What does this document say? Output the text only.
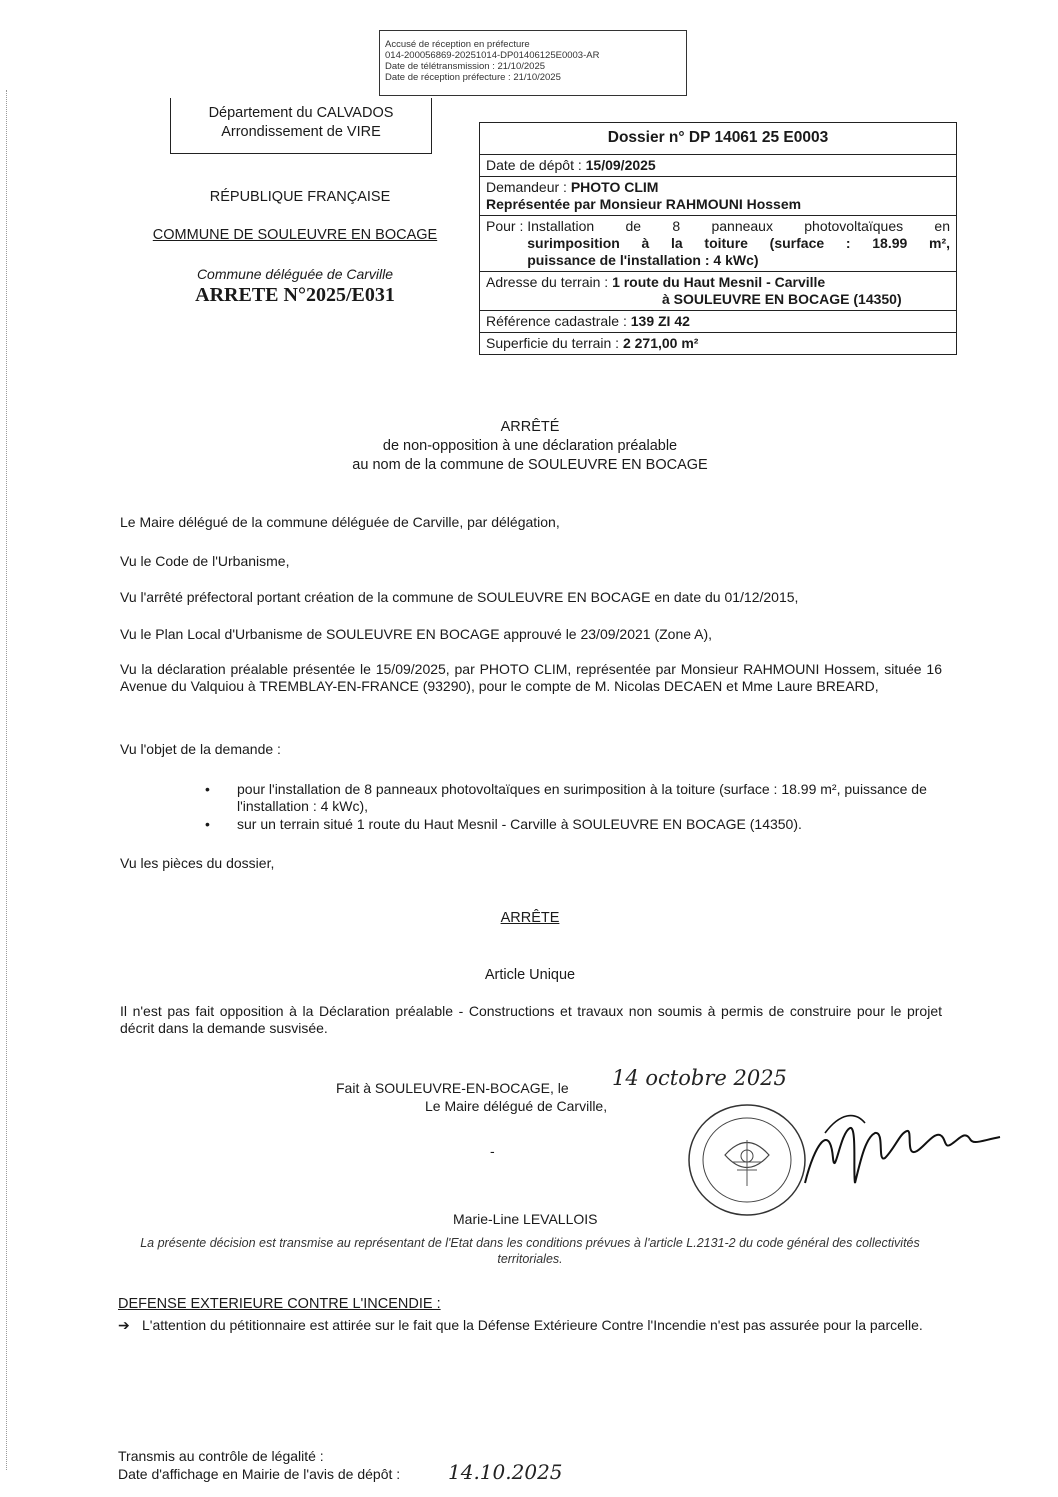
Accusé de réception en préfecture
014-200056869-20251014-DP01406125E0003-AR
Date de télétransmission : 21/10/2025
Date de réception préfecture : 21/10/2025
Département du CALVADOS
Arrondissement de VIRE
RÉPUBLIQUE FRANÇAISE
COMMUNE DE SOULEUVRE EN BOCAGE
Commune déléguée de Carville
ARRETE N°2025/E031
Dossier n° DP 14061 25 E0003
Date de dépôt : 15/09/2025
Demandeur : PHOTO CLIM
Représentée par Monsieur RAHMOUNI Hossem
Pour : Installation de 8 panneaux photovoltaïques en
surimposition à la toiture (surface : 18.99 m²,
puissance de l'installation : 4 kWc)
Adresse du terrain : 1 route du Haut Mesnil - Carville
à SOULEUVRE EN BOCAGE (14350)
Référence cadastrale : 139 ZI 42
Superficie du terrain : 2 271,00 m²
ARRÊTÉ
de non-opposition à une déclaration préalable
au nom de la commune de SOULEUVRE EN BOCAGE
Le Maire délégué de la commune déléguée de Carville, par délégation,
Vu le Code de l'Urbanisme,
Vu l'arrêté préfectoral portant création de la commune de SOULEUVRE EN BOCAGE en date du 01/12/2015,
Vu le Plan Local d'Urbanisme de SOULEUVRE EN BOCAGE approuvé le 23/09/2021 (Zone A),
Vu la déclaration préalable présentée le 15/09/2025, par PHOTO CLIM, représentée par Monsieur RAHMOUNI Hossem, située 16 Avenue du Valquiou à TREMBLAY-EN-FRANCE (93290), pour le compte de M. Nicolas DECAEN et Mme Laure BREARD,
Vu l'objet de la demande :
• pour l'installation de 8 panneaux photovoltaïques en surimposition à la toiture (surface : 18.99 m², puissance de l'installation : 4 kWc),
• sur un terrain situé 1 route du Haut Mesnil - Carville à SOULEUVRE EN BOCAGE (14350).
Vu les pièces du dossier,
ARRÊTE
Article Unique
Il n'est pas fait opposition à la Déclaration préalable - Constructions et travaux non soumis à permis de construire pour le projet décrit dans la demande susvisée.
Fait à SOULEUVRE-EN-BOCAGE, le 14 octobre 2025
Le Maire délégué de Carville,
-
Marie-Line LEVALLOIS
La présente décision est transmise au représentant de l'Etat dans les conditions prévues à l'article L.2131-2 du code général des collectivités territoriales.
DEFENSE EXTERIEURE CONTRE L'INCENDIE :
➔ L'attention du pétitionnaire est attirée sur le fait que la Défense Extérieure Contre l'Incendie n'est pas assurée pour la parcelle.
Transmis au contrôle de légalité :
Date d'affichage en Mairie de l'avis de dépôt :	14.10.2025
